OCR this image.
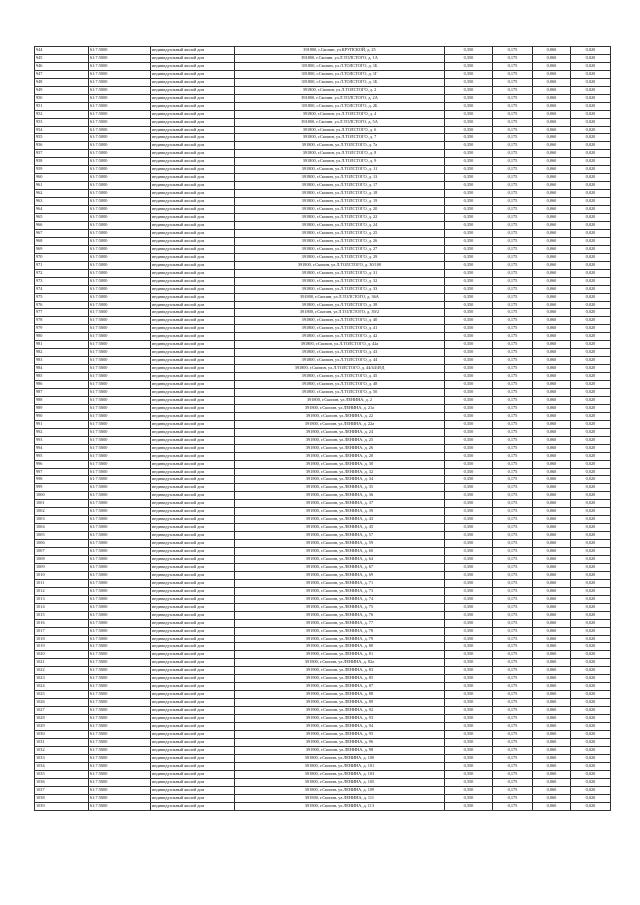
944	61:7:5000	индивидуальный жилой дом	391800, г.Скопин, ул.КРУПСКОЙ, д. 25	0,350	0,175	0,060	0,020
945	61:7:5000	индивидуальный жилой дом	391800, г.Скопин, ул.Л.ТОЛСТОГО, д. 1А	0,350	0,175	0,060	0,020
946	61:7:5000	индивидуальный жилой дом	391800, г.Скопин, ул.Л.ТОЛСТОГО, д. 1Б	0,350	0,175	0,060	0,020
947	61:7:5000	индивидуальный жилой дом	391800, г.Скопин, ул.Л.ТОЛСТОГО, д. 1Г	0,350	0,175	0,060	0,020
948	61:7:5000	индивидуальный жилой дом	391800, г.Скопин, ул.Л.ТОЛСТОГО, д. 1Б	0,350	0,175	0,060	0,020
949	61:7:5000	индивидуальный жилой дом	391800, г.Скопин, ул.Л.ТОЛСТОГО, д. 2	0,350	0,175	0,060	0,020
950	61:7:5000	индивидуальный жилой дом	391800, г.Скопин, ул.Л.ТОЛСТОГО, д. 2А	0,350	0,175	0,060	0,020
951	61:7:5000	индивидуальный жилой дом	391800, г.Скопин, ул.Л.ТОЛСТОГО, д. 2Б	0,350	0,175	0,060	0,020
952	61:7:5000	индивидуальный жилой дом	391800, г.Скопин, ул.Л.ТОЛСТОГО, д. 4	0,350	0,175	0,060	0,020
953	61:7:5000	индивидуальный жилой дом	391800, г.Скопин, ул.Л.ТОЛСТОГО, д. 5А	0,350	0,175	0,060	0,020
954	61:7:5000	индивидуальный жилой дом	391800, г.Скопин, ул.Л.ТОЛСТОГО, д. 6	0,350	0,175	0,060	0,020
955	61:7:5000	индивидуальный жилой дом	391800, г.Скопин, ул.Л.ТОЛСТОГО, д. 7	0,350	0,175	0,060	0,020
956	61:7:5000	индивидуальный жилой дом	391800, г.Скопин, ул.Л.ТОЛСТОГО, д. 7а	0,350	0,175	0,060	0,020
957	61:7:5000	индивидуальный жилой дом	391800, г.Скопин, ул.Л.ТОЛСТОГО, д. 8	0,350	0,175	0,060	0,020
958	61:7:5000	индивидуальный жилой дом	391800, г.Скопин, ул.Л.ТОЛСТОГО, д. 9	0,350	0,175	0,060	0,020
959	61:7:5000	индивидуальный жилой дом	391800, г.Скопин, ул.Л.ТОЛСТОГО, д. 11	0,350	0,175	0,060	0,020
960	61:7:5000	индивидуальный жилой дом	391800, г.Скопин, ул.Л.ТОЛСТОГО, д. 13	0,350	0,175	0,060	0,020
961	61:7:5000	индивидуальный жилой дом	391800, г.Скопин, ул.Л.ТОЛСТОГО, д. 17	0,350	0,175	0,060	0,020
962	61:7:5000	индивидуальный жилой дом	391800, г.Скопин, ул.Л.ТОЛСТОГО, д. 18	0,350	0,175	0,060	0,020
963	61:7:5000	индивидуальный жилой дом	391800, г.Скопин, ул.Л.ТОЛСТОГО, д. 19	0,350	0,175	0,060	0,020
964	61:7:5000	индивидуальный жилой дом	391800, г.Скопин, ул.Л.ТОЛСТОГО, д. 20	0,350	0,175	0,060	0,020
965	61:7:5000	индивидуальный жилой дом	391800, г.Скопин, ул.Л.ТОЛСТОГО, д. 22	0,350	0,175	0,060	0,020
966	61:7:5000	индивидуальный жилой дом	391800, г.Скопин, ул.Л.ТОЛСТОГО, д. 24	0,350	0,175	0,060	0,020
967	61:7:5000	индивидуальный жилой дом	391800, г.Скопин, ул.Л.ТОЛСТОГО, д. 25	0,350	0,175	0,060	0,020
968	61:7:5000	индивидуальный жилой дом	391800, г.Скопин, ул.Л.ТОЛСТОГО, д. 26	0,350	0,175	0,060	0,020
969	61:7:5000	индивидуальный жилой дом	391800, г.Скопин, ул.Л.ТОЛСТОГО, д. 27	0,350	0,175	0,060	0,020
970	61:7:5000	индивидуальный жилой дом	391800, г.Скопин, ул.Л.ТОЛСТОГО, д. 29	0,350	0,175	0,060	0,020
971	61:7:5000	индивидуальный жилой дом	391800, г.Скопин, ул.Л.ТОЛСТОГО, д. 30/100	0,350	0,175	0,060	0,020
972	61:7:5000	индивидуальный жилой дом	391800, г.Скопин, ул.Л.ТОЛСТОГО, д. 31	0,350	0,175	0,060	0,020
973	61:7:5000	индивидуальный жилой дом	391800, г.Скопин, ул.Л.ТОЛСТОГО, д. 32	0,350	0,175	0,060	0,020
974	61:7:5000	индивидуальный жилой дом	391800, г.Скопин, ул.Л.ТОЛСТОГО, д. 33	0,350	0,175	0,060	0,020
975	61:7:5000	индивидуальный жилой дом	391800, г.Скопин, ул.Л.ТОЛСТОГО, д. 36А	0,350	0,175	0,060	0,020
976	61:7:5000	индивидуальный жилой дом	391800, г.Скопин, ул.Л.ТОЛСТОГО, д. 38	0,350	0,175	0,060	0,020
977	61:7:5000	индивидуальный жилой дом	391800, г.Скопин, ул.Л.ТОЛСТОГО, д. 39/2	0,350	0,175	0,060	0,020
978	61:7:5000	индивидуальный жилой дом	391800, г.Скопин, ул.Л.ТОЛСТОГО, д. 40	0,350	0,175	0,060	0,020
979	61:7:5000	индивидуальный жилой дом	391800, г.Скопин, ул.Л.ТОЛСТОГО, д. 41	0,350	0,175	0,060	0,020
980	61:7:5000	индивидуальный жилой дом	391800, г.Скопин, ул.Л.ТОЛСТОГО, д. 42	0,350	0,175	0,060	0,020
981	61:7:5000	индивидуальный жилой дом	391800, г.Скопин, ул.Л.ТОЛСТОГО, д. 42а	0,350	0,175	0,060	0,020
982	61:7:5000	индивидуальный жилой дом	391800, г.Скопин, ул.Л.ТОЛСТОГО, д. 43	0,350	0,175	0,060	0,020
983	61:7:5000	индивидуальный жилой дом	391800, г.Скопин, ул.Л.ТОЛСТОГО, д. 44	0,350	0,175	0,060	0,020
984	61:7:5000	индивидуальный жилой дом	391800, г.Скопин, ул.Л.ТОЛСТОГО, д. 44/44/49Д	0,350	0,175	0,060	0,020
985	61:7:5000	индивидуальный жилой дом	391800, г.Скопин, ул.Л.ТОЛСТОГО, д. 45	0,350	0,175	0,060	0,020
986	61:7:5000	индивидуальный жилой дом	391800, г.Скопин, ул.Л.ТОЛСТОГО, д. 48	0,350	0,175	0,060	0,020
987	61:7:5000	индивидуальный жилой дом	391800, г.Скопин, ул.Л.ТОЛСТОГО, д. 50	0,350	0,175	0,060	0,020
988	61:7:5000	индивидуальный жилой дом	391800, г.Скопин, ул.ЛЕНИНА, д. 2	0,350	0,175	0,060	0,020
989	61:7:5000	индивидуальный жилой дом	391800, г.Скопин, ул.ЛЕНИНА, д. 21а	0,350	0,175	0,060	0,020
990	61:7:5000	индивидуальный жилой дом	391800, г.Скопин, ул.ЛЕНИНА, д. 22	0,350	0,175	0,060	0,020
991	61:7:5000	индивидуальный жилой дом	391800, г.Скопин, ул.ЛЕНИНА, д. 22а	0,350	0,175	0,060	0,020
992	61:7:5000	индивидуальный жилой дом	391800, г.Скопин, ул.ЛЕНИНА, д. 24	0,350	0,175	0,060	0,020
993	61:7:5000	индивидуальный жилой дом	391800, г.Скопин, ул.ЛЕНИНА, д. 25	0,350	0,175	0,060	0,020
994	61:7:5000	индивидуальный жилой дом	391800, г.Скопин, ул.ЛЕНИНА, д. 26	0,350	0,175	0,060	0,020
995	61:7:5000	индивидуальный жилой дом	391800, г.Скопин, ул.ЛЕНИНА, д. 28	0,350	0,175	0,060	0,020
996	61:7:5000	индивидуальный жилой дом	391800, г.Скопин, ул.ЛЕНИНА, д. 30	0,350	0,175	0,060	0,020
997	61:7:5000	индивидуальный жилой дом	391800, г.Скопин, ул.ЛЕНИНА, д. 32	0,350	0,175	0,060	0,020
998	61:7:5000	индивидуальный жилой дом	391800, г.Скопин, ул.ЛЕНИНА, д. 34	0,350	0,175	0,060	0,020
999	61:7:5000	индивидуальный жилой дом	391800, г.Скопин, ул.ЛЕНИНА, д. 35	0,350	0,175	0,060	0,020
1000	61:7:5000	индивидуальный жилой дом	391800, г.Скопин, ул.ЛЕНИНА, д. 36	0,350	0,175	0,060	0,020
1001	61:7:5000	индивидуальный жилой дом	391800, г.Скопин, ул.ЛЕНИНА, д. 37	0,350	0,175	0,060	0,020
1002	61:7:5000	индивидуальный жилой дом	391800, г.Скопин, ул.ЛЕНИНА, д. 39	0,350	0,175	0,060	0,020
1003	61:7:5000	индивидуальный жилой дом	391800, г.Скопин, ул.ЛЕНИНА, д. 43	0,350	0,175	0,060	0,020
1004	61:7:5000	индивидуальный жилой дом	391800, г.Скопин, ул.ЛЕНИНА, д. 45	0,350	0,175	0,060	0,020
1005	61:7:5000	индивидуальный жилой дом	391800, г.Скопин, ул.ЛЕНИНА, д. 57	0,350	0,175	0,060	0,020
1006	61:7:5000	индивидуальный жилой дом	391800, г.Скопин, ул.ЛЕНИНА, д. 59	0,350	0,175	0,060	0,020
1007	61:7:5000	индивидуальный жилой дом	391800, г.Скопин, ул.ЛЕНИНА, д. 60	0,350	0,175	0,060	0,020
1008	61:7:5000	индивидуальный жилой дом	391800, г.Скопин, ул.ЛЕНИНА, д. 64	0,350	0,175	0,060	0,020
1009	61:7:5000	индивидуальный жилой дом	391800, г.Скопин, ул.ЛЕНИНА, д. 67	0,350	0,175	0,060	0,020
1010	61:7:5000	индивидуальный жилой дом	391800, г.Скопин, ул.ЛЕНИНА, д. 69	0,350	0,175	0,060	0,020
1011	61:7:5000	индивидуальный жилой дом	391800, г.Скопин, ул.ЛЕНИНА, д. 71	0,350	0,175	0,060	0,020
1012	61:7:5000	индивидуальный жилой дом	391800, г.Скопин, ул.ЛЕНИНА, д. 73	0,350	0,175	0,060	0,020
1013	61:7:5000	индивидуальный жилой дом	391800, г.Скопин, ул.ЛЕНИНА, д. 74	0,350	0,175	0,060	0,020
1014	61:7:5000	индивидуальный жилой дом	391800, г.Скопин, ул.ЛЕНИНА, д. 75	0,350	0,175	0,060	0,020
1015	61:7:5000	индивидуальный жилой дом	391800, г.Скопин, ул.ЛЕНИНА, д. 76	0,350	0,175	0,060	0,020
1016	61:7:5000	индивидуальный жилой дом	391800, г.Скопин, ул.ЛЕНИНА, д. 77	0,350	0,175	0,060	0,020
1017	61:7:5000	индивидуальный жилой дом	391800, г.Скопин, ул.ЛЕНИНА, д. 78	0,350	0,175	0,060	0,020
1018	61:7:5000	индивидуальный жилой дом	391800, г.Скопин, ул.ЛЕНИНА, д. 79	0,350	0,175	0,060	0,020
1019	61:7:5000	индивидуальный жилой дом	391800, г.Скопин, ул.ЛЕНИНА, д. 80	0,350	0,175	0,060	0,020
1020	61:7:5000	индивидуальный жилой дом	391800, г.Скопин, ул.ЛЕНИНА, д. 81	0,350	0,175	0,060	0,020
1021	61:7:5000	индивидуальный жилой дом	391800, г.Скопин, ул.ЛЕНИНА, д. 82а	0,350	0,175	0,060	0,020
1022	61:7:5000	индивидуальный жилой дом	391800, г.Скопин, ул.ЛЕНИНА, д. 83	0,350	0,175	0,060	0,020
1023	61:7:5000	индивидуальный жилой дом	391800, г.Скопин, ул.ЛЕНИНА, д. 85	0,350	0,175	0,060	0,020
1024	61:7:5000	индивидуальный жилой дом	391800, г.Скопин, ул.ЛЕНИНА, д. 87	0,350	0,175	0,060	0,020
1025	61:7:5000	индивидуальный жилой дом	391800, г.Скопин, ул.ЛЕНИНА, д. 88	0,350	0,175	0,060	0,020
1026	61:7:5000	индивидуальный жилой дом	391800, г.Скопин, ул.ЛЕНИНА, д. 89	0,350	0,175	0,060	0,020
1027	61:7:5000	индивидуальный жилой дом	391800, г.Скопин, ул.ЛЕНИНА, д. 92	0,350	0,175	0,060	0,020
1028	61:7:5000	индивидуальный жилой дом	391800, г.Скопин, ул.ЛЕНИНА, д. 93	0,350	0,175	0,060	0,020
1029	61:7:5000	индивидуальный жилой дом	391800, г.Скопин, ул.ЛЕНИНА, д. 94	0,350	0,175	0,060	0,020
1030	61:7:5000	индивидуальный жилой дом	391800, г.Скопин, ул.ЛЕНИНА, д. 95	0,350	0,175	0,060	0,020
1031	61:7:5000	индивидуальный жилой дом	391800, г.Скопин, ул.ЛЕНИНА, д. 96	0,350	0,175	0,060	0,020
1032	61:7:5000	индивидуальный жилой дом	391800, г.Скопин, ул.ЛЕНИНА, д. 98	0,350	0,175	0,060	0,020
1033	61:7:5000	индивидуальный жилой дом	391800, г.Скопин, ул.ЛЕНИНА, д. 100	0,350	0,175	0,060	0,020
1034	61:7:5000	индивидуальный жилой дом	391800, г.Скопин, ул.ЛЕНИНА, д. 101	0,350	0,175	0,060	0,020
1035	61:7:5000	индивидуальный жилой дом	391800, г.Скопин, ул.ЛЕНИНА, д. 103	0,350	0,175	0,060	0,020
1036	61:7:5000	индивидуальный жилой дом	391800, г.Скопин, ул.ЛЕНИНА, д. 105	0,350	0,175	0,060	0,020
1037	61:7:5000	индивидуальный жилой дом	391800, г.Скопин, ул.ЛЕНИНА, д. 109	0,350	0,175	0,060	0,020
1038	61:7:5000	индивидуальный жилой дом	391800, г.Скопин, ул.ЛЕНИНА, д. 111	0,350	0,175	0,060	0,020
1039	61:7:5000	индивидуальный жилой дом	391800, г.Скопин, ул.ЛЕНИНА, д. 113	0,350	0,175	0,060	0,020
